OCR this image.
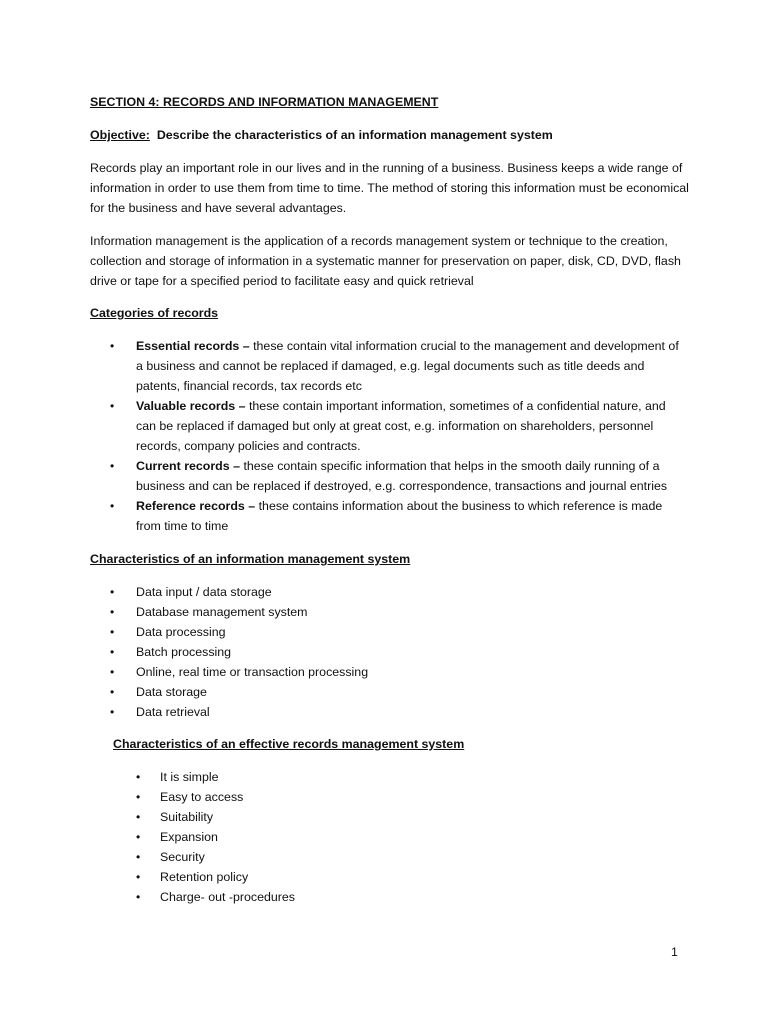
SECTION 4: RECORDS AND INFORMATION MANAGEMENT
Objective: Describe the characteristics of an information management system
Records play an important role in our lives and in the running of a business. Business keeps a wide range of information in order to use them from time to time. The method of storing this information must be economical for the business and have several advantages.
Information management is the application of a records management system or technique to the creation, collection and storage of information in a systematic manner for preservation on paper, disk, CD, DVD, flash drive or tape for a specified period to facilitate easy and quick retrieval
Categories of records
• Essential records – these contain vital information crucial to the management and development of a business and cannot be replaced if damaged, e.g. legal documents such as title deeds and patents, financial records, tax records etc
• Valuable records – these contain important information, sometimes of a confidential nature, and can be replaced if damaged but only at great cost, e.g. information on shareholders, personnel records, company policies and contracts.
• Current records – these contain specific information that helps in the smooth daily running of a business and can be replaced if destroyed, e.g. correspondence, transactions and journal entries
• Reference records – these contains information about the business to which reference is made from time to time
Characteristics of an information management system
• Data input / data storage
• Database management system
• Data processing
• Batch processing
• Online, real time or transaction processing
• Data storage
• Data retrieval
Characteristics of an effective records management system
• It is simple
• Easy to access
• Suitability
• Expansion
• Security
• Retention policy
• Charge- out -procedures
1
